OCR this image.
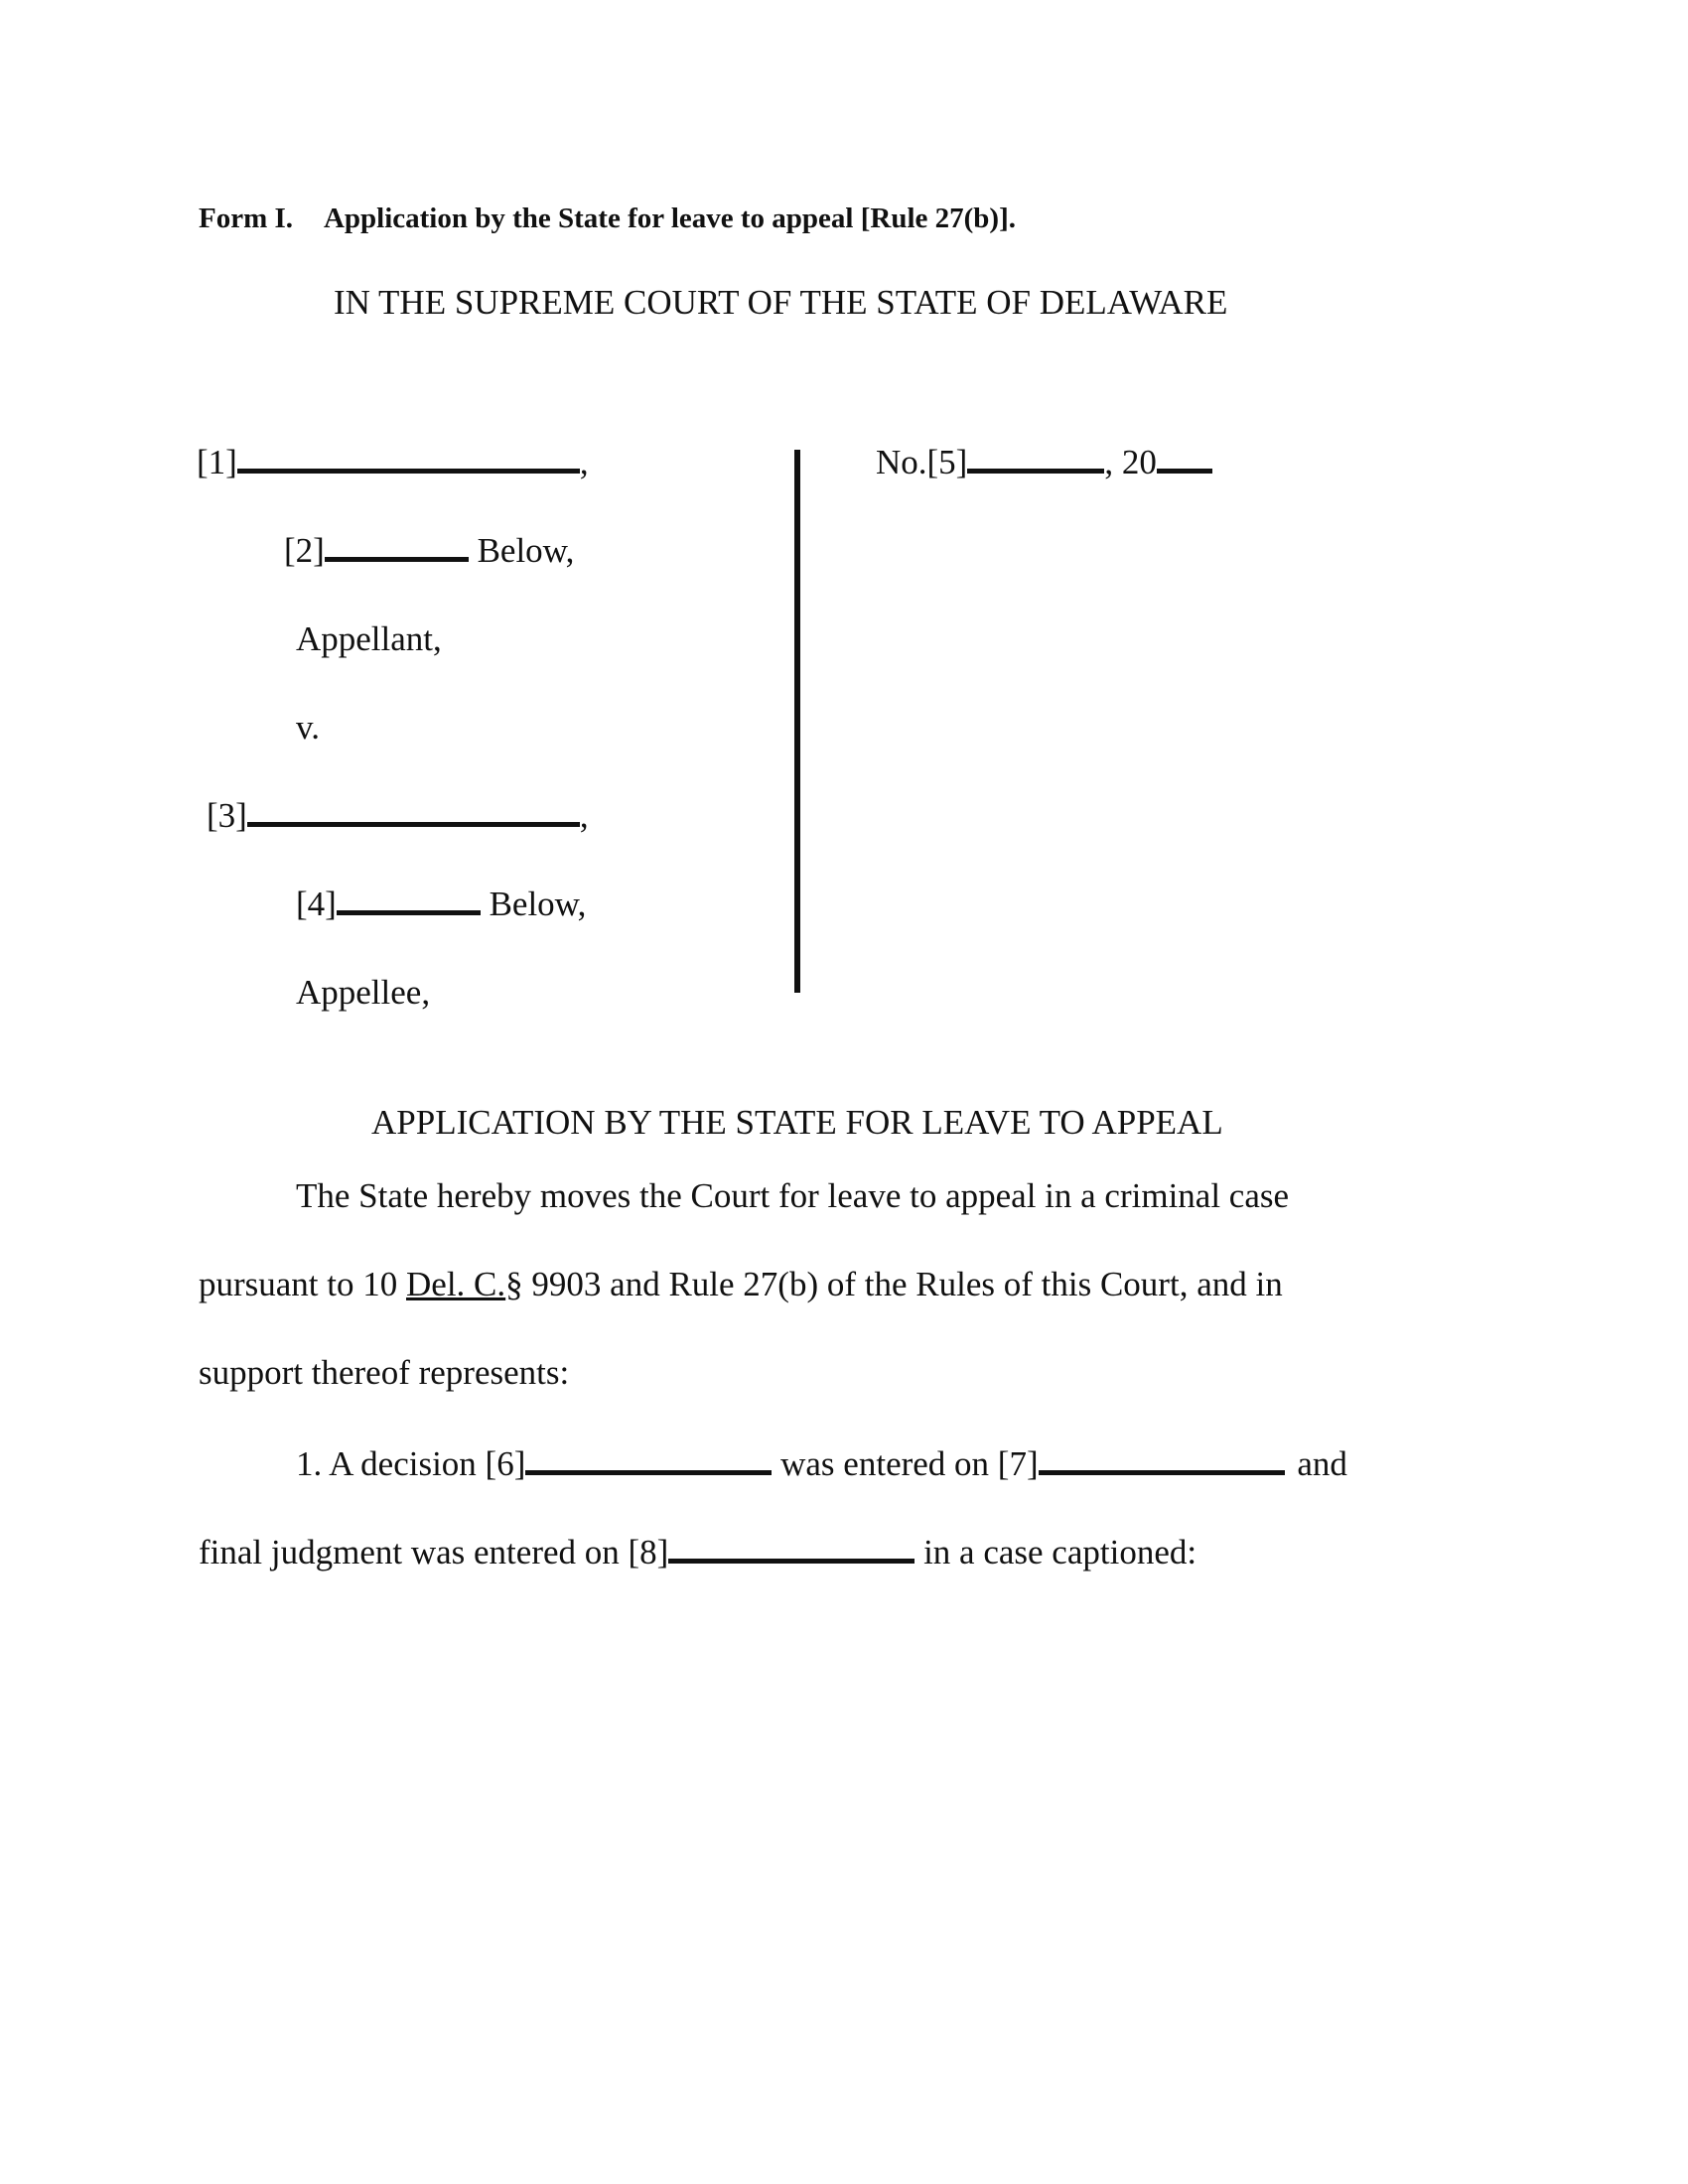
Form I. Application by the State for leave to appeal [Rule 27(b)].
IN THE SUPREME COURT OF THE STATE OF DELAWARE
[1]	,
[2]	Below,
Appellant,
v.
[3]	,
[4]	Below,
Appellee,
No.[5]	, 20
APPLICATION BY THE STATE FOR LEAVE TO APPEAL
The State hereby moves the Court for leave to appeal in a criminal case
pursuant to 10 Del. C.§ 9903 and Rule 27(b) of the Rules of this Court, and in
support thereof represents:
1. A decision [6]	was entered on [7]	and
final judgment was entered on [8]	in a case captioned:
